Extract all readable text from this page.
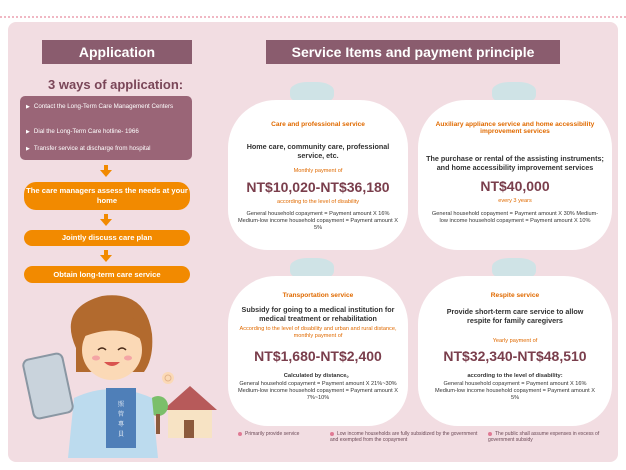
Application
3 ways of application:
▶ Contact the Long-Term Care Management Centers
▶ Dial the Long-Term Care hotline- 1966
▶ Transfer service at discharge from hospital
The care managers assess the needs at your home
Jointly discuss care plan
Obtain long-term care service
照
管
專
員
Service Items and payment principle
Care and professional service
Home care, community care, professional service, etc.
Monthly payment of
NT$10,020-NT$36,180
according to the level of disability
General household copayment = Payment amount X 16% Medium-low income household copayment = Payment amount X 5%
Auxiliary appliance service and home accessibility improvement services
The purchase or rental of the assisting instruments; and home accessibility improvement services
NT$40,000
every 3 years
General household copayment = Payment amount X 30% Medium-low income household copayment = Payment amount X 10%
Transportation service
Subsidy for going to a medical institution for medical treatment or rehabilitation
According to the level of disability and urban and rural distance, monthly payment of
NT$1,680-NT$2,400
Calculated by distance。
General household copayment = Payment amount X 21%~30% Medium-low income household copayment = Payment amount X 7%~10%
Respite service
Provide short-term care service to allow respite for family caregivers
Yearly payment of
NT$32,340-NT$48,510
according to the level of disability:
General household copayment = Payment amount X 16% Medium-low income household copayment = Payment amount X 5%
Primarily provide service	Low income households are fully subsidized by the government and exempted from the copayment
The public shall assume expenses in excess of government subsidy
